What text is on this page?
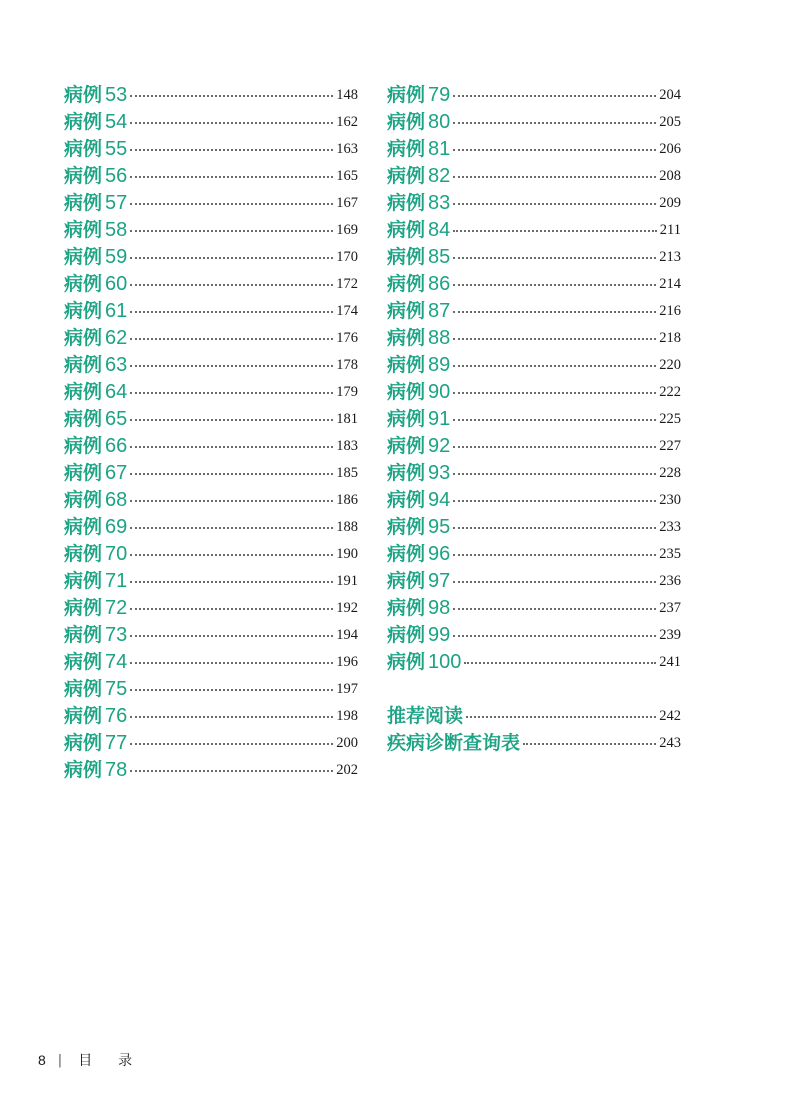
病例 53	148
病例 54	162
病例 55	163
病例 56	165
病例 57	167
病例 58	169
病例 59	170
病例 60	172
病例 61	174
病例 62	176
病例 63	178
病例 64	179
病例 65	181
病例 66	183
病例 67	185
病例 68	186
病例 69	188
病例 70	190
病例 71	191
病例 72	192
病例 73	194
病例 74	196
病例 75	197
病例 76	198
病例 77	200
病例 78	202
病例 79	204
病例 80	205
病例 81	206
病例 82	208
病例 83	209
病例 84	211
病例 85	213
病例 86	214
病例 87	216
病例 88	218
病例 89	220
病例 90	222
病例 91	225
病例 92	227
病例 93	228
病例 94	230
病例 95	233
病例 96	235
病例 97	236
病例 98	237
病例 99	239
病例 100	241
推荐阅读	242
疾病诊断查询表	243
8 | 目录
